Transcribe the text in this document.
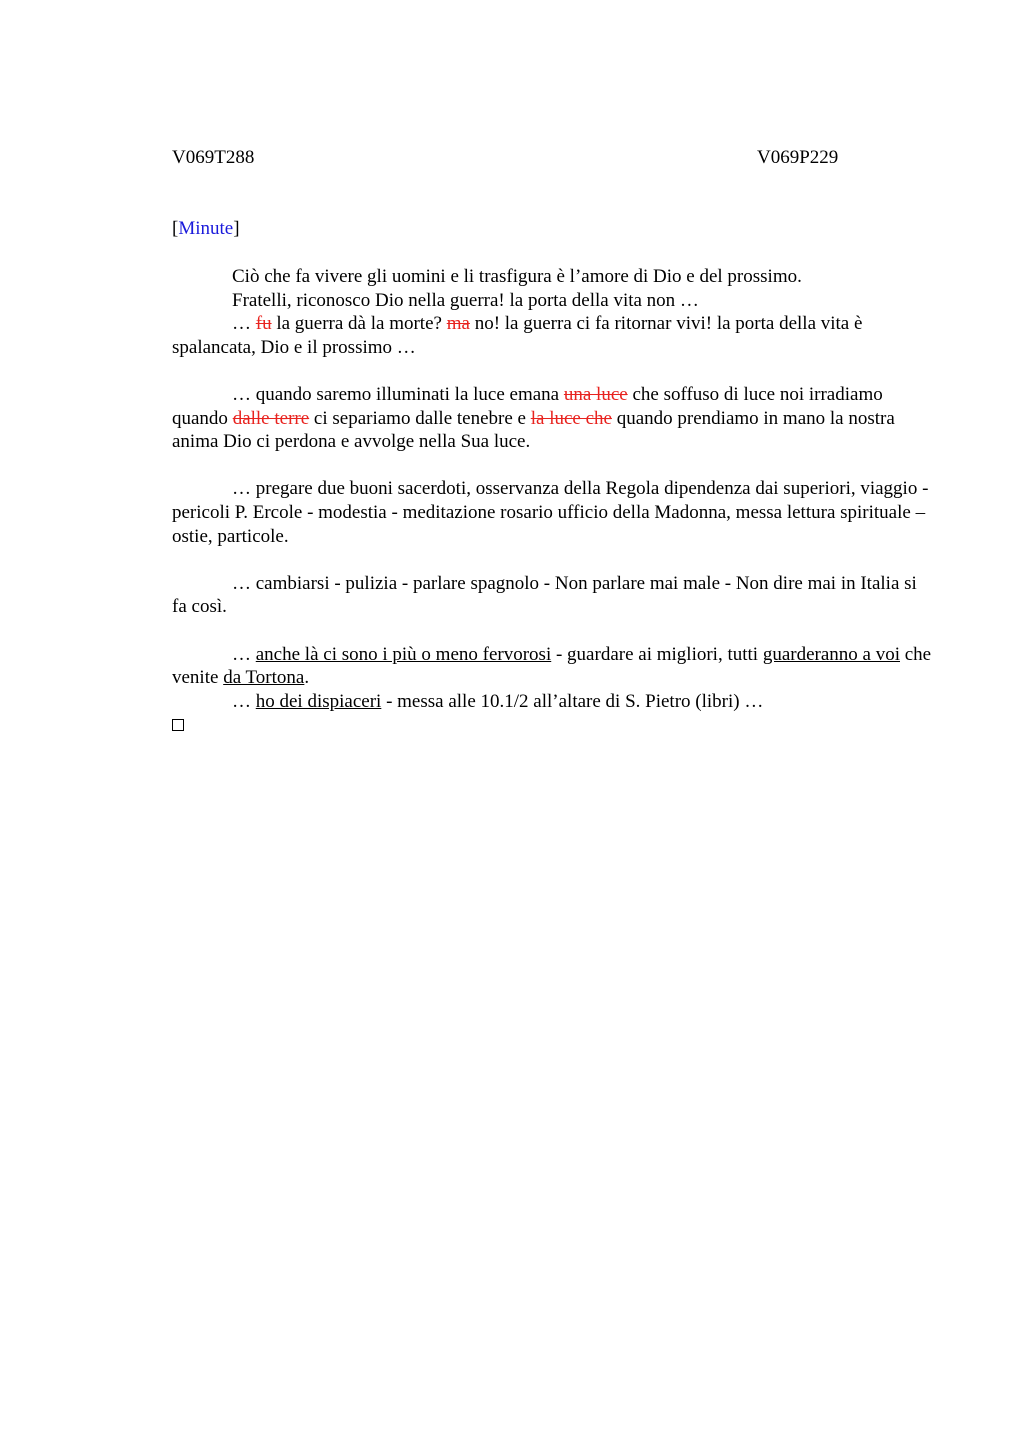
V069T288	V069P229
[Minute]

Ciò che fa vivere gli uomini e li trasfigura è l’amore di Dio e del prossimo.

Fratelli, riconosco Dio nella guerra! la porta della vita non …

… fu la guerra dà la morte? ma no! la guerra ci fa ritornar vivi! la porta della vita è spalancata, Dio e il prossimo …

… quando saremo illuminati la luce emana una luce che soffuso di luce noi irradiamo quando dalle terre ci separiamo dalle tenebre e la luce che quando prendiamo in mano la nostra anima Dio ci perdona e avvolge nella Sua luce.

… pregare due buoni sacerdoti, osservanza della Regola dipendenza dai superiori, viaggio - pericoli P. Ercole - modestia - meditazione rosario ufficio della Madonna, messa lettura spirituale – ostie, particole.

… cambiarsi - pulizia - parlare spagnolo - Non parlare mai male - Non dire mai in Italia si fa così.

… anche là ci sono i più o meno fervorosi - guardare ai migliori, tutti guarderanno a voi che venite da Tortona.

… ho dei dispiaceri - messa alle 10.1/2 all’altare di S. Pietro (libri) …
